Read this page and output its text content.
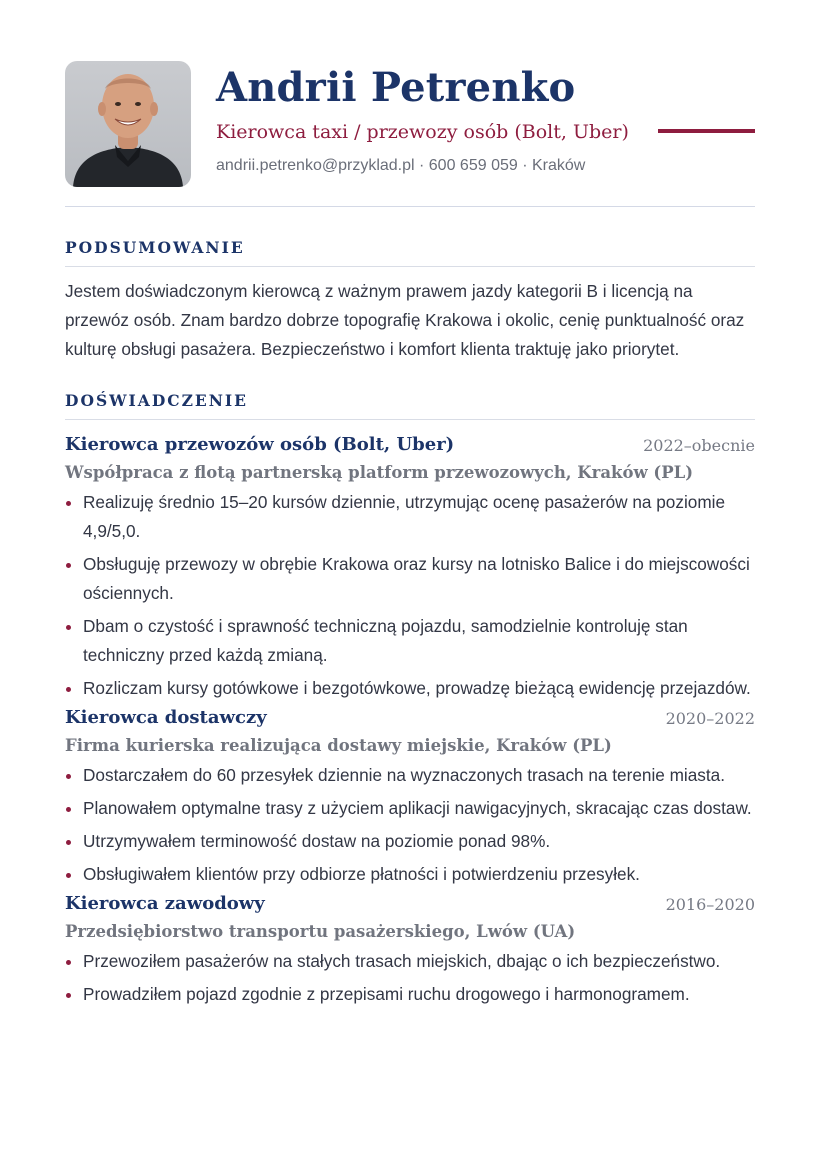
Andrii Petrenko

Kierowca taxi / przewozy osób (Bolt, Uber)

andrii.petrenko@przyklad.pl · 600 659 059 · Kraków

PODSUMOWANIE

Jestem doświadczonym kierowcą z ważnym prawem jazdy kategorii B i licencją na przewóz osób. Znam bardzo dobrze topografię Krakowa i okolic, cenię punktualność oraz kulturę obsługi pasażera. Bezpieczeństwo i komfort klienta traktuję jako priorytet.

DOŚWIADCZENIE
Kierowca przewozów osób (Bolt, Uber)	2022–obecnie

Współpraca z flotą partnerską platform przewozowych, Kraków (PL)

Realizuję średnio 15–20 kursów dziennie, utrzymując ocenę pasażerów na poziomie 4,9/5,0.
Obsługuję przewozy w obrębie Krakowa oraz kursy na lotnisko Balice i do miejscowości ościennych.
Dbam o czystość i sprawność techniczną pojazdu, samodzielnie kontroluję stan techniczny przed każdą zmianą.
Rozliczam kursy gotówkowe i bezgotówkowe, prowadzę bieżącą ewidencję przejazdów.
Kierowca dostawczy	2020–2022

Firma kurierska realizująca dostawy miejskie, Kraków (PL)

Dostarczałem do 60 przesyłek dziennie na wyznaczonych trasach na terenie miasta.
Planowałem optymalne trasy z użyciem aplikacji nawigacyjnych, skracając czas dostaw.
Utrzymywałem terminowość dostaw na poziomie ponad 98%.
Obsługiwałem klientów przy odbiorze płatności i potwierdzeniu przesyłek.
Kierowca zawodowy	2016–2020

Przedsiębiorstwo transportu pasażerskiego, Lwów (UA)

Przewoziłem pasażerów na stałych trasach miejskich, dbając o ich bezpieczeństwo.
Prowadziłem pojazd zgodnie z przepisami ruchu drogowego i harmonogramem.
